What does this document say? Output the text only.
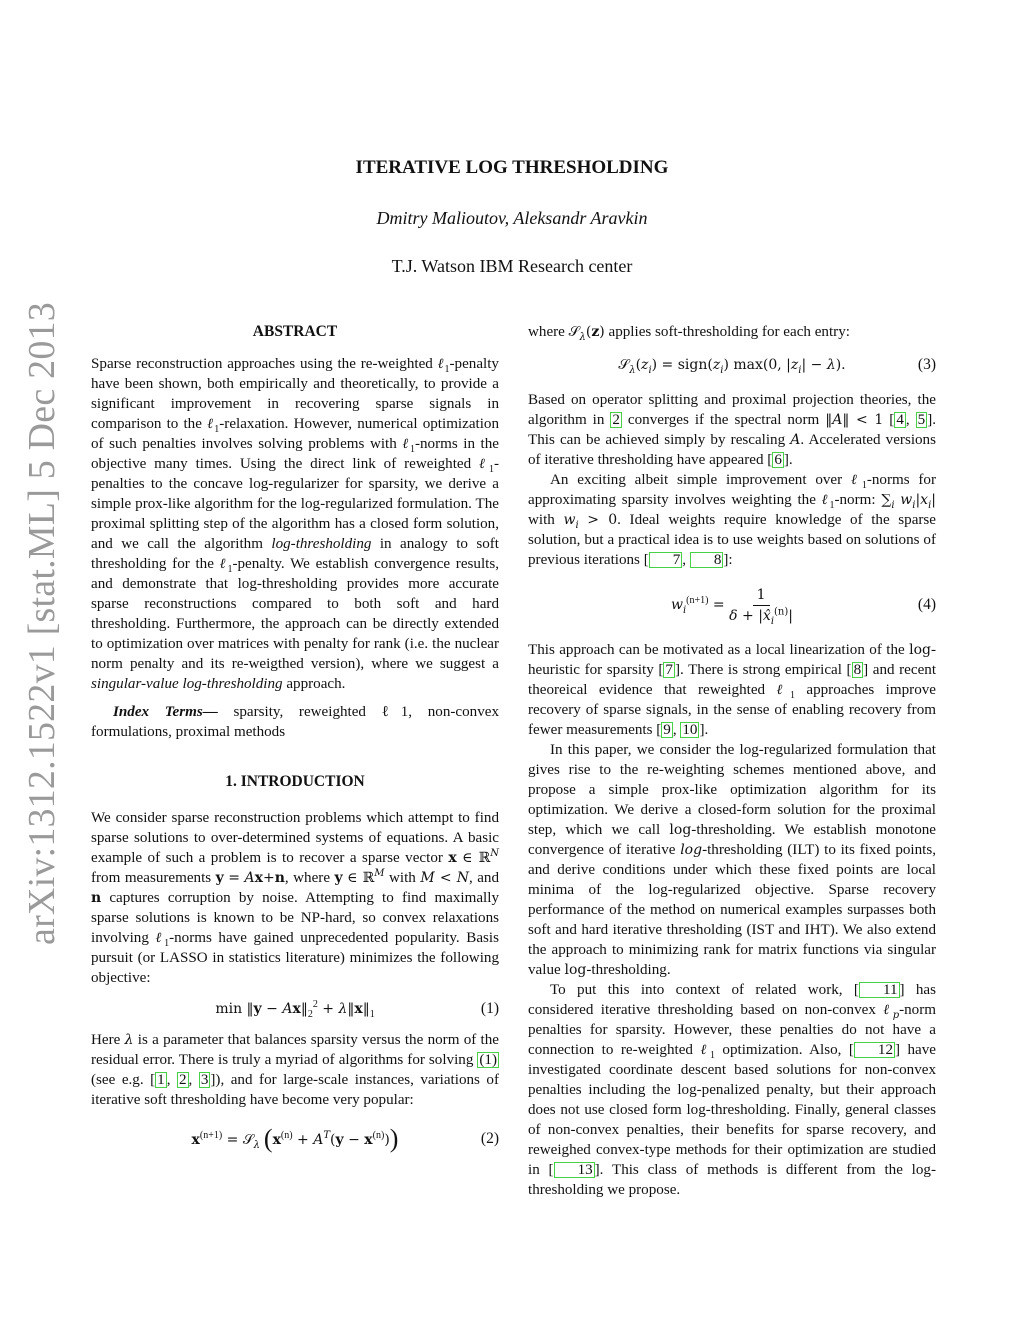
arXiv:1312.1522v1 [stat.ML] 5 Dec 2013
ITERATIVE LOG THRESHOLDING
Dmitry Malioutov, Aleksandr Aravkin
T.J. Watson IBM Research center

ABSTRACT

Sparse reconstruction approaches using the re-weighted ℓ$_1$-penalty have been shown, both empirically and theoretically, to provide a significant improvement in recovering sparse signals in comparison to the ℓ$_1$-relaxation. However, numerical optimization of such penalties involves solving problems with ℓ$_1$-norms in the objective many times. Using the direct link of reweighted ℓ$_1$-penalties to the concave log-regularizer for sparsity, we derive a simple prox-like algorithm for the log-regularized formulation. The proximal splitting step of the algorithm has a closed form solution, and we call the algorithm log-thresholding in analogy to soft thresholding for the ℓ$_1$-penalty. We establish convergence results, and demonstrate that log-thresholding provides more accurate sparse reconstructions compared to both soft and hard thresholding. Furthermore, the approach can be directly extended to optimization over matrices with penalty for rank (i.e. the nuclear norm penalty and its re-weigthed version), where we suggest a singular-value log-thresholding approach.

Index Terms— sparsity, reweighted ℓ1, non-convex formulations, proximal methods

1. INTRODUCTION

We consider sparse reconstruction problems which attempt to find sparse solutions to over-determined systems of equations. A basic example of such a problem is to recover a sparse vector x ∈ ℝ$^N$ from measurements y = Ax+n, where y ∈ ℝ$^M$ with M < N, and n captures corruption by noise. Attempting to find maximally sparse solutions is known to be NP-hard, so convex relaxations involving ℓ$_1$-norms have gained unprecedented popularity. Basis pursuit (or LASSO in statistics literature) minimizes the following objective:

min ‖y − $Ax‖_2^2$ + $\lambda‖x‖_1$	(1)

Here λ is a parameter that balances sparsity versus the norm of the residual error. There is truly a myriad of algorithms for solving (1) (see e.g. [ 1 , 2 , 3 ]), and for large-scale instances, variations of iterative soft thresholding have become very popular:

$x^{(n+1)}$ = 𝒮$_\lambda$ $(x^{(n)} + A^T(y - x^{(n)}))$	(2)

where 𝒮$_\lambda$(z) applies soft-thresholding for each entry:

$𝒮_\lambda(z_i)$ = $sign(z_i)$ max(0, $|z_i| - \lambda$).	(3)

Based on operator splitting and proximal projection theories, the algorithm in 2 converges if the spectral norm ‖A‖ < 1 [ 4 , 5 ]. This can be achieved simply by rescaling A. Accelerated versions of iterative thresholding have appeared [ 6 ].

An exciting albeit simple improvement over ℓ$_1$-norms for approximating sparsity involves weighting the ℓ$_1$-norm: $\sum_i$ $w_i|x_i|$ with $w_i > 0$. Ideal weights require knowledge of the sparse solution, but a practical idea is to use weights based on solutions of previous iterations [ 7 , 8 ]:

$w_i^{(n+1)} = \frac{1}{\delta + |x̂_i^{(n)}|}$	(4)

This approach can be motivated as a local linearization of the log-heuristic for sparsity [ 7 ]. There is strong empirical [ 8 ] and recent theoreical evidence that reweighted ℓ$_1$ approaches improve recovery of sparse signals, in the sense of enabling recovery from fewer measurements [ 9 , 10 ].

In this paper, we consider the log-regularized formulation that gives rise to the re-weighting schemes mentioned above, and propose a simple prox-like optimization algorithm for its optimization. We derive a closed-form solution for the proximal step, which we call log-thresholding. We establish monotone convergence of iterative log-thresholding (ILT) to its fixed points, and derive conditions under which these fixed points are local minima of the log-regularized objective. Sparse recovery performance of the method on numerical examples surpasses both soft and hard iterative thresholding (IST and IHT). We also extend the approach to minimizing rank for matrix functions via singular value log-thresholding.

To put this into context of related work, [ 11 ] has considered iterative thresholding based on non-convex ℓ$_p$-norm penalties for sparsity. However, these penalties do not have a connection to re-weighted ℓ$_1$ optimization. Also, [ 12 ] have investigated coordinate descent based solutions for non-convex penalties including the log-penalized penalty, but their approach does not use closed form log-thresholding. Finally, general classes of non-convex penalties, their benefits for sparse recovery, and reweighed convex-type methods for their optimization are studied in [ 13 ]. This class of methods is different from the log-thresholding we propose.
